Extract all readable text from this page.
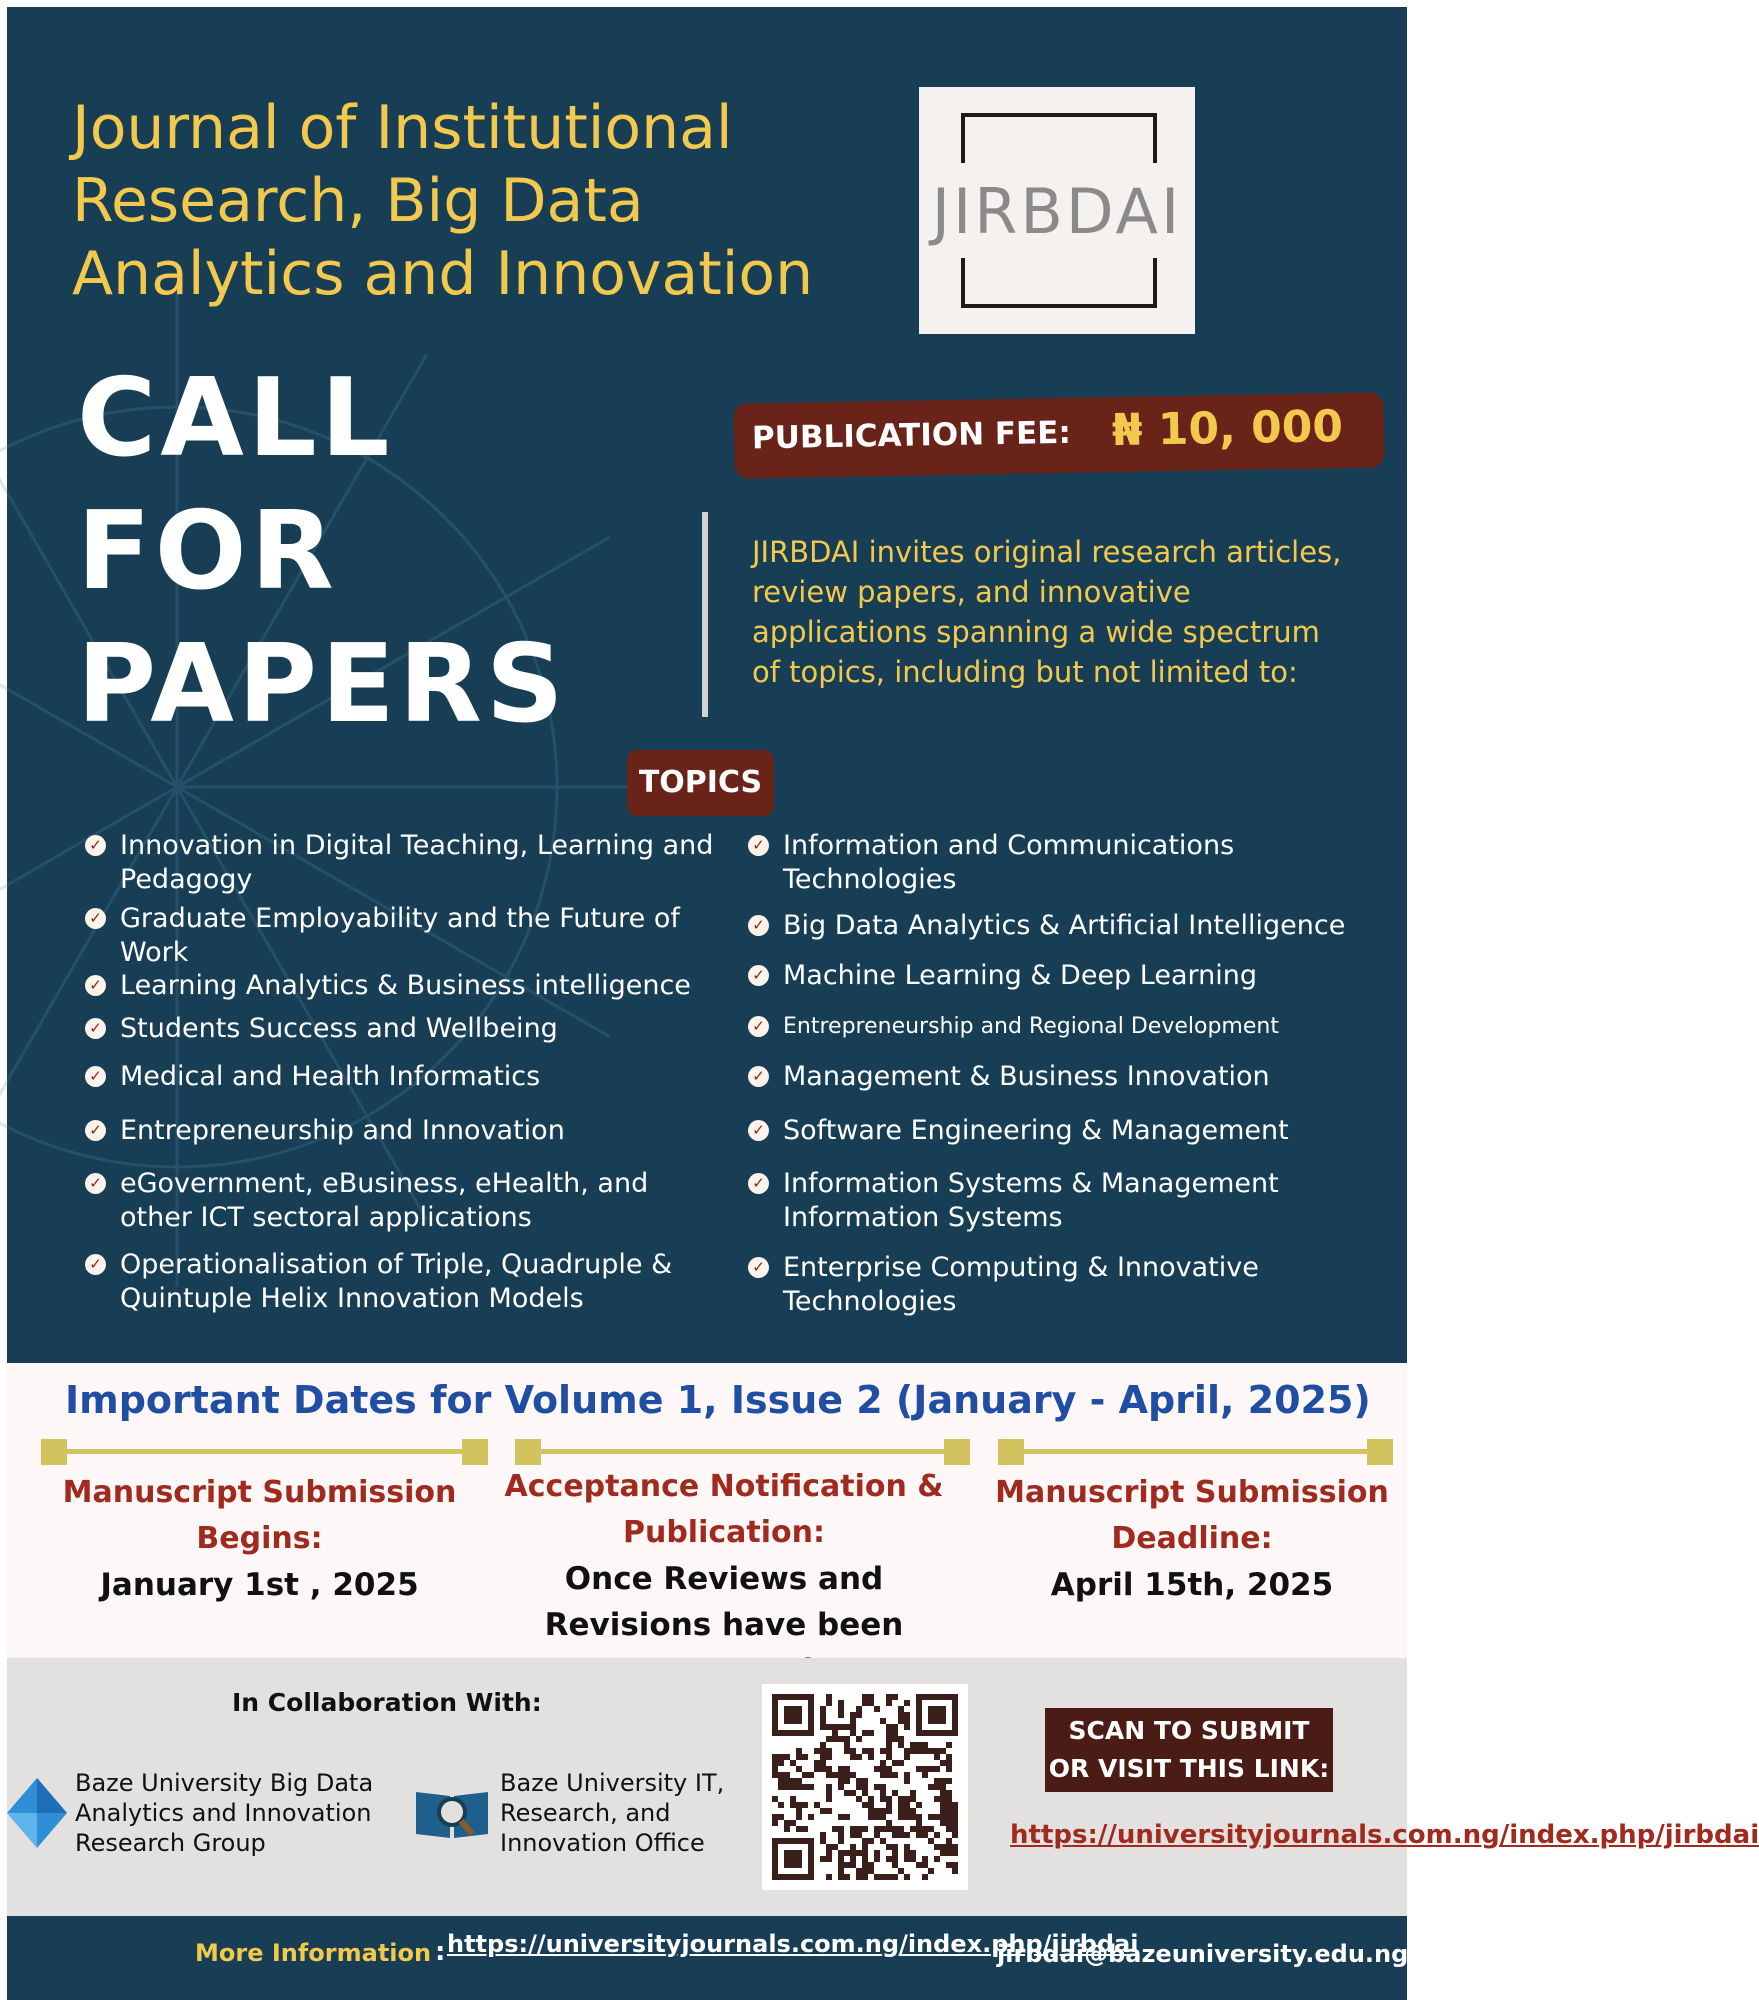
Journal of Institutional Research, Big Data Analytics and Innovation
JIRBDAI
CALL
FOR
PAPERS
PUBLICATION FEE: ₦ 10, 000

JIRBDAI invites original research articles, review papers, and innovative applications spanning a wide spectrum of topics, including but not limited to:

TOPICS
✓ Innovation in Digital Teaching, Learning and Pedagogy
✓ Graduate Employability and the Future of Work
✓ Learning Analytics & Business intelligence
✓ Students Success and Wellbeing
✓ Medical and Health Informatics
✓ Entrepreneurship and Innovation
✓ eGovernment, eBusiness, eHealth, and other ICT sectoral applications
✓ Operationalisation of Triple, Quadruple & Quintuple Helix Innovation Models
✓ Information and Communications Technologies
✓ Big Data Analytics & Artificial Intelligence
✓ Machine Learning & Deep Learning
✓ Entrepreneurship and Regional Development
✓ Management & Business Innovation
✓ Software Engineering & Management
✓ Information Systems & Management Information Systems
✓ Enterprise Computing & Innovative Technologies
Important Dates for Volume 1, Issue 2 (January - April, 2025)
Manuscript Submission Begins:
January 1st , 2025
Acceptance Notification & Publication:
Once Reviews and Revisions have been
Manuscript Submission Deadline:
April 15th, 2025
In Collaboration With:
Baze University Big Data Analytics and Innovation Research Group
Baze University IT, Research, and Innovation Office
SCAN TO SUBMIT OR VISIT THIS LINK:
https://universityjournals.com.ng/index.php/jirbdai
More Information : https://universityjournals.com.ng/index.php/jirbdai
jirbdai@bazeuniversity.edu.ng
